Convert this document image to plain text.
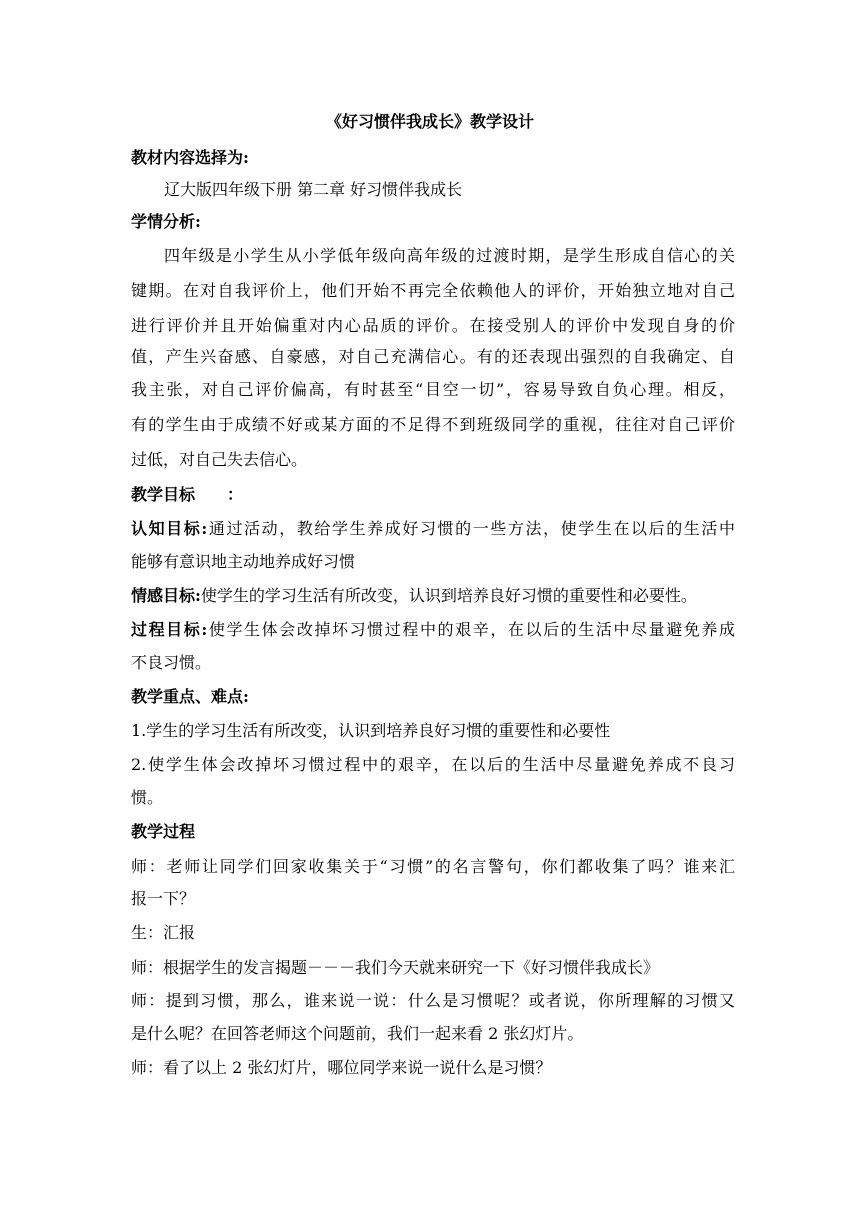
《好习惯伴我成长》教学设计
教材内容选择为:
辽大版四年级下册 第二章 好习惯伴我成长
学情分析:
四年级是小学生从小学低年级向高年级的过渡时期，是学生形成自信心的关
键期。在对自我评价上，他们开始不再完全依赖他人的评价，开始独立地对自己
进行评价并且开始偏重对内心品质的评价。在接受别人的评价中发现自身的价
值，产生兴奋感、自豪感，对自己充满信心。有的还表现出强烈的自我确定、自
我主张，对自己评价偏高，有时甚至“目空一切”，容易导致自负心理。相反，
有的学生由于成绩不好或某方面的不足得不到班级同学的重视，往往对自己评价
过低，对自己失去信心。
教学目标　　：
认知目标:通过活动，教给学生养成好习惯的一些方法，使学生在以后的生活中
能够有意识地主动地养成好习惯
情感目标:使学生的学习生活有所改变，认识到培养良好习惯的重要性和必要性。
过程目标:使学生体会改掉坏习惯过程中的艰辛，在以后的生活中尽量避免养成
不良习惯。
教学重点、难点:
1.学生的学习生活有所改变，认识到培养良好习惯的重要性和必要性
2.使学生体会改掉坏习惯过程中的艰辛，在以后的生活中尽量避免养成不良习
惯。
教学过程
师：老师让同学们回家收集关于“习惯”的名言警句，你们都收集了吗？谁来汇
报一下？
生：汇报
师：根据学生的发言揭题－－－我们今天就来研究一下《好习惯伴我成长》
师：提到习惯，那么，谁来说一说：什么是习惯呢？或者说，你所理解的习惯又
是什么呢？在回答老师这个问题前，我们一起来看 2 张幻灯片。
师：看了以上 2 张幻灯片，哪位同学来说一说什么是习惯？
